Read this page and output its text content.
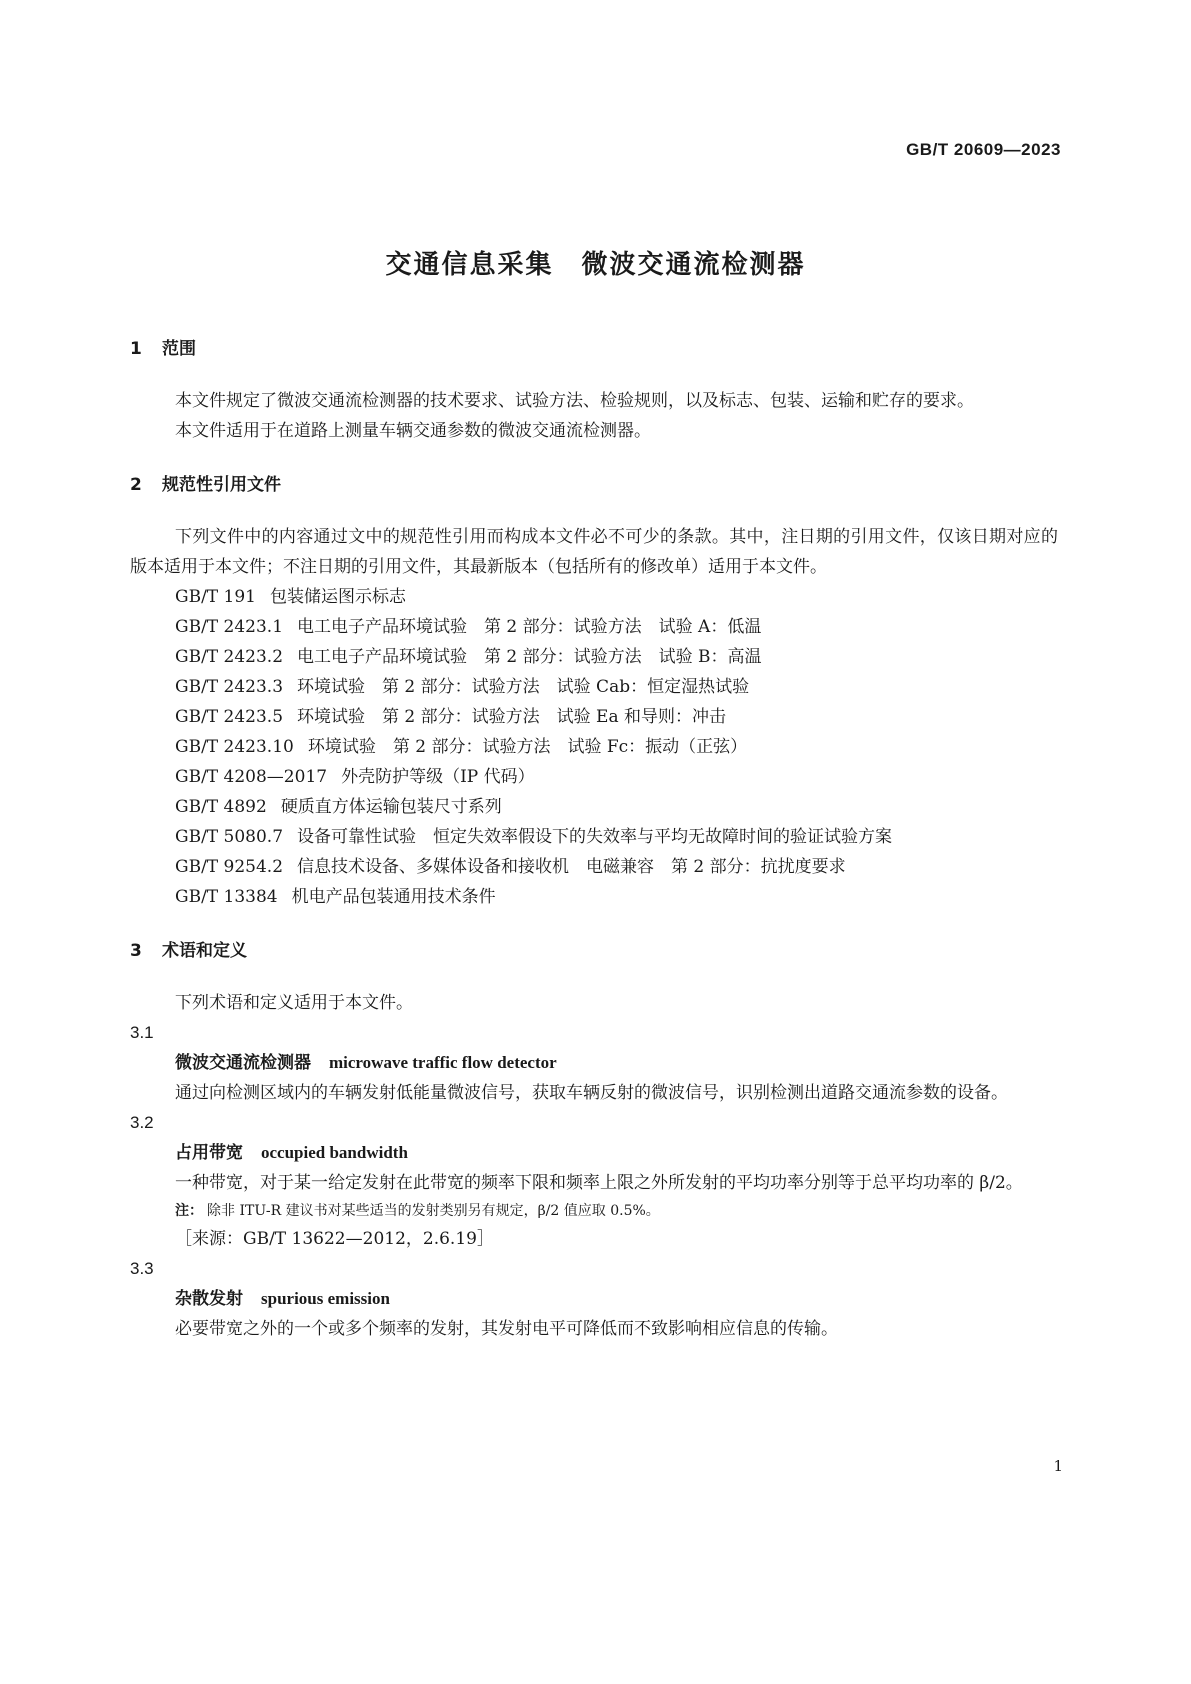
GB/T 20609—2023
交通信息采集　微波交通流检测器
1 范围

本文件规定了微波交通流检测器的技术要求、试验方法、检验规则，以及标志、包装、运输和贮存的要求。

本文件适用于在道路上测量车辆交通参数的微波交通流检测器。

2 规范性引用文件

下列文件中的内容通过文中的规范性引用而构成本文件必不可少的条款。其中，注日期的引用文件，仅该日期对应的版本适用于本文件；不注日期的引用文件，其最新版本（包括所有的修改单）适用于本文件。

GB/T 191 包装储运图示标志
GB/T 2423.1 电工电子产品环境试验　第 2 部分：试验方法　试验 A：低温
GB/T 2423.2 电工电子产品环境试验　第 2 部分：试验方法　试验 B：高温
GB/T 2423.3 环境试验　第 2 部分：试验方法　试验 Cab：恒定湿热试验
GB/T 2423.5 环境试验　第 2 部分：试验方法　试验 Ea 和导则：冲击
GB/T 2423.10 环境试验　第 2 部分：试验方法　试验 Fc：振动（正弦）
GB/T 4208—2017 外壳防护等级（IP 代码）
GB/T 4892 硬质直方体运输包装尺寸系列
GB/T 5080.7 设备可靠性试验　恒定失效率假设下的失效率与平均无故障时间的验证试验方案
GB/T 9254.2 信息技术设备、多媒体设备和接收机　电磁兼容　第 2 部分：抗扰度要求
GB/T 13384 机电产品包装通用技术条件
3 术语和定义

下列术语和定义适用于本文件。

3.1

微波交通流检测器 microwave traffic flow detector

通过向检测区域内的车辆发射低能量微波信号，获取车辆反射的微波信号，识别检测出道路交通流参数的设备。

3.2

占用带宽 occupied bandwidth

一种带宽，对于某一给定发射在此带宽的频率下限和频率上限之外所发射的平均功率分别等于总平均功率的 β/2。

注： 除非 ITU-R 建议书对某些适当的发射类别另有规定，β/2 值应取 0.5%。

［来源：GB/T 13622—2012，2.6.19］

3.3

杂散发射 spurious emission

必要带宽之外的一个或多个频率的发射，其发射电平可降低而不致影响相应信息的传输。

1
